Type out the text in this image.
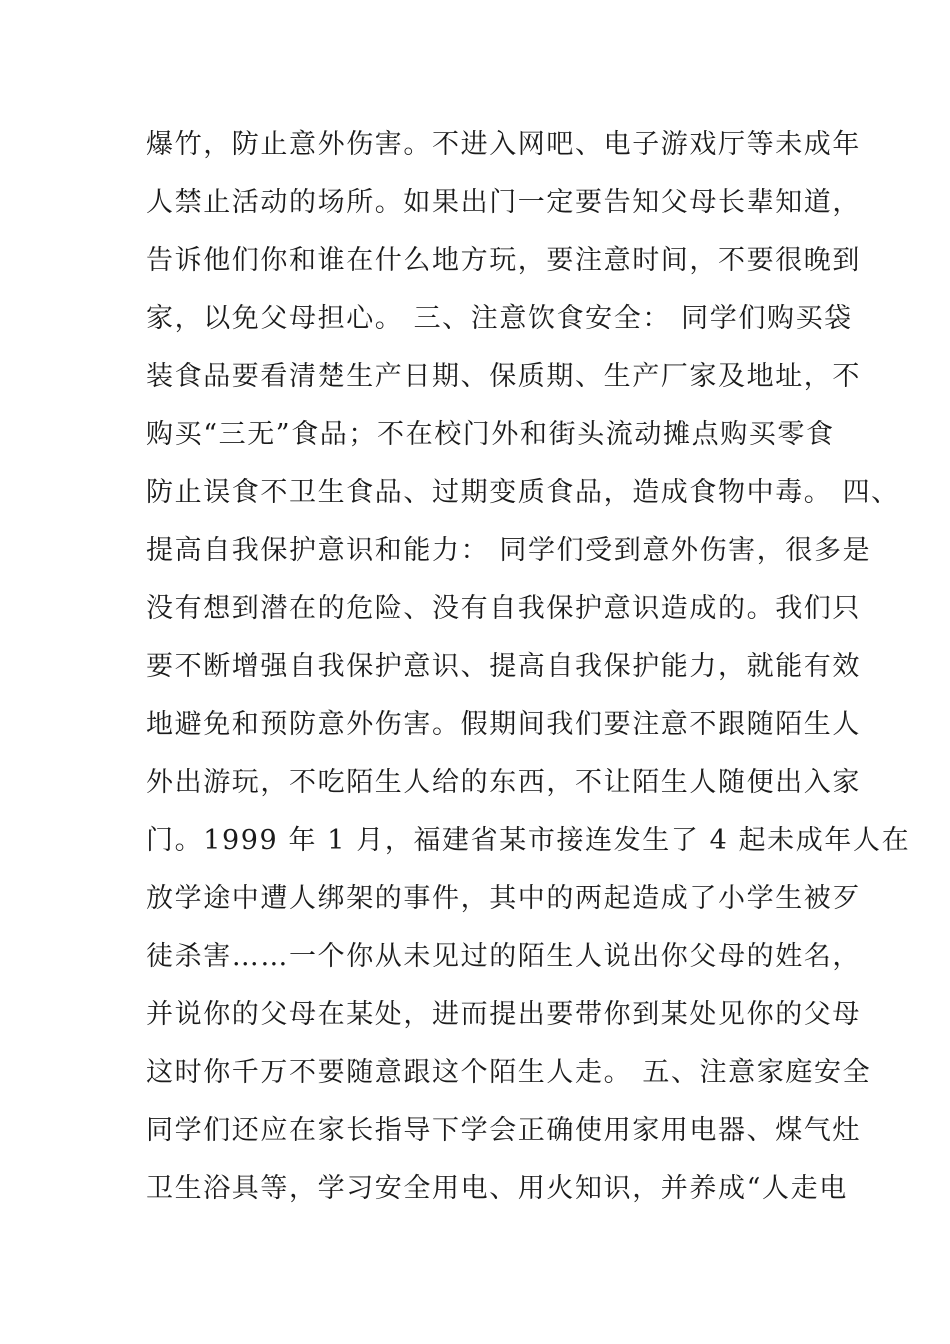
爆竹，防止意外伤害。不进入网吧、电子游戏厅等未成年
人禁止活动的场所。如果出门一定要告知父母长辈知道，
告诉他们你和谁在什么地方玩，要注意时间，不要很晚到
家，以免父母担心。 三、注意饮食安全： 同学们购买袋
装食品要看清楚生产日期、保质期、生产厂家及地址，不
购买“三无”食品；不在校门外和街头流动摊点购买零食
防止误食不卫生食品、过期变质食品，造成食物中毒。 四、
提高自我保护意识和能力： 同学们受到意外伤害，很多是
没有想到潜在的危险、没有自我保护意识造成的。我们只
要不断增强自我保护意识、提高自我保护能力，就能有效
地避免和预防意外伤害。假期间我们要注意不跟随陌生人
外出游玩，不吃陌生人给的东西，不让陌生人随便出入家
门。1999 年 1 月，福建省某市接连发生了 4 起未成年人在
放学途中遭人绑架的事件，其中的两起造成了小学生被歹
徒杀害……一个你从未见过的陌生人说出你父母的姓名，
并说你的父母在某处，进而提出要带你到某处见你的父母
这时你千万不要随意跟这个陌生人走。 五、注意家庭安全
同学们还应在家长指导下学会正确使用家用电器、煤气灶
卫生浴具等，学习安全用电、用火知识，并养成“人走电
